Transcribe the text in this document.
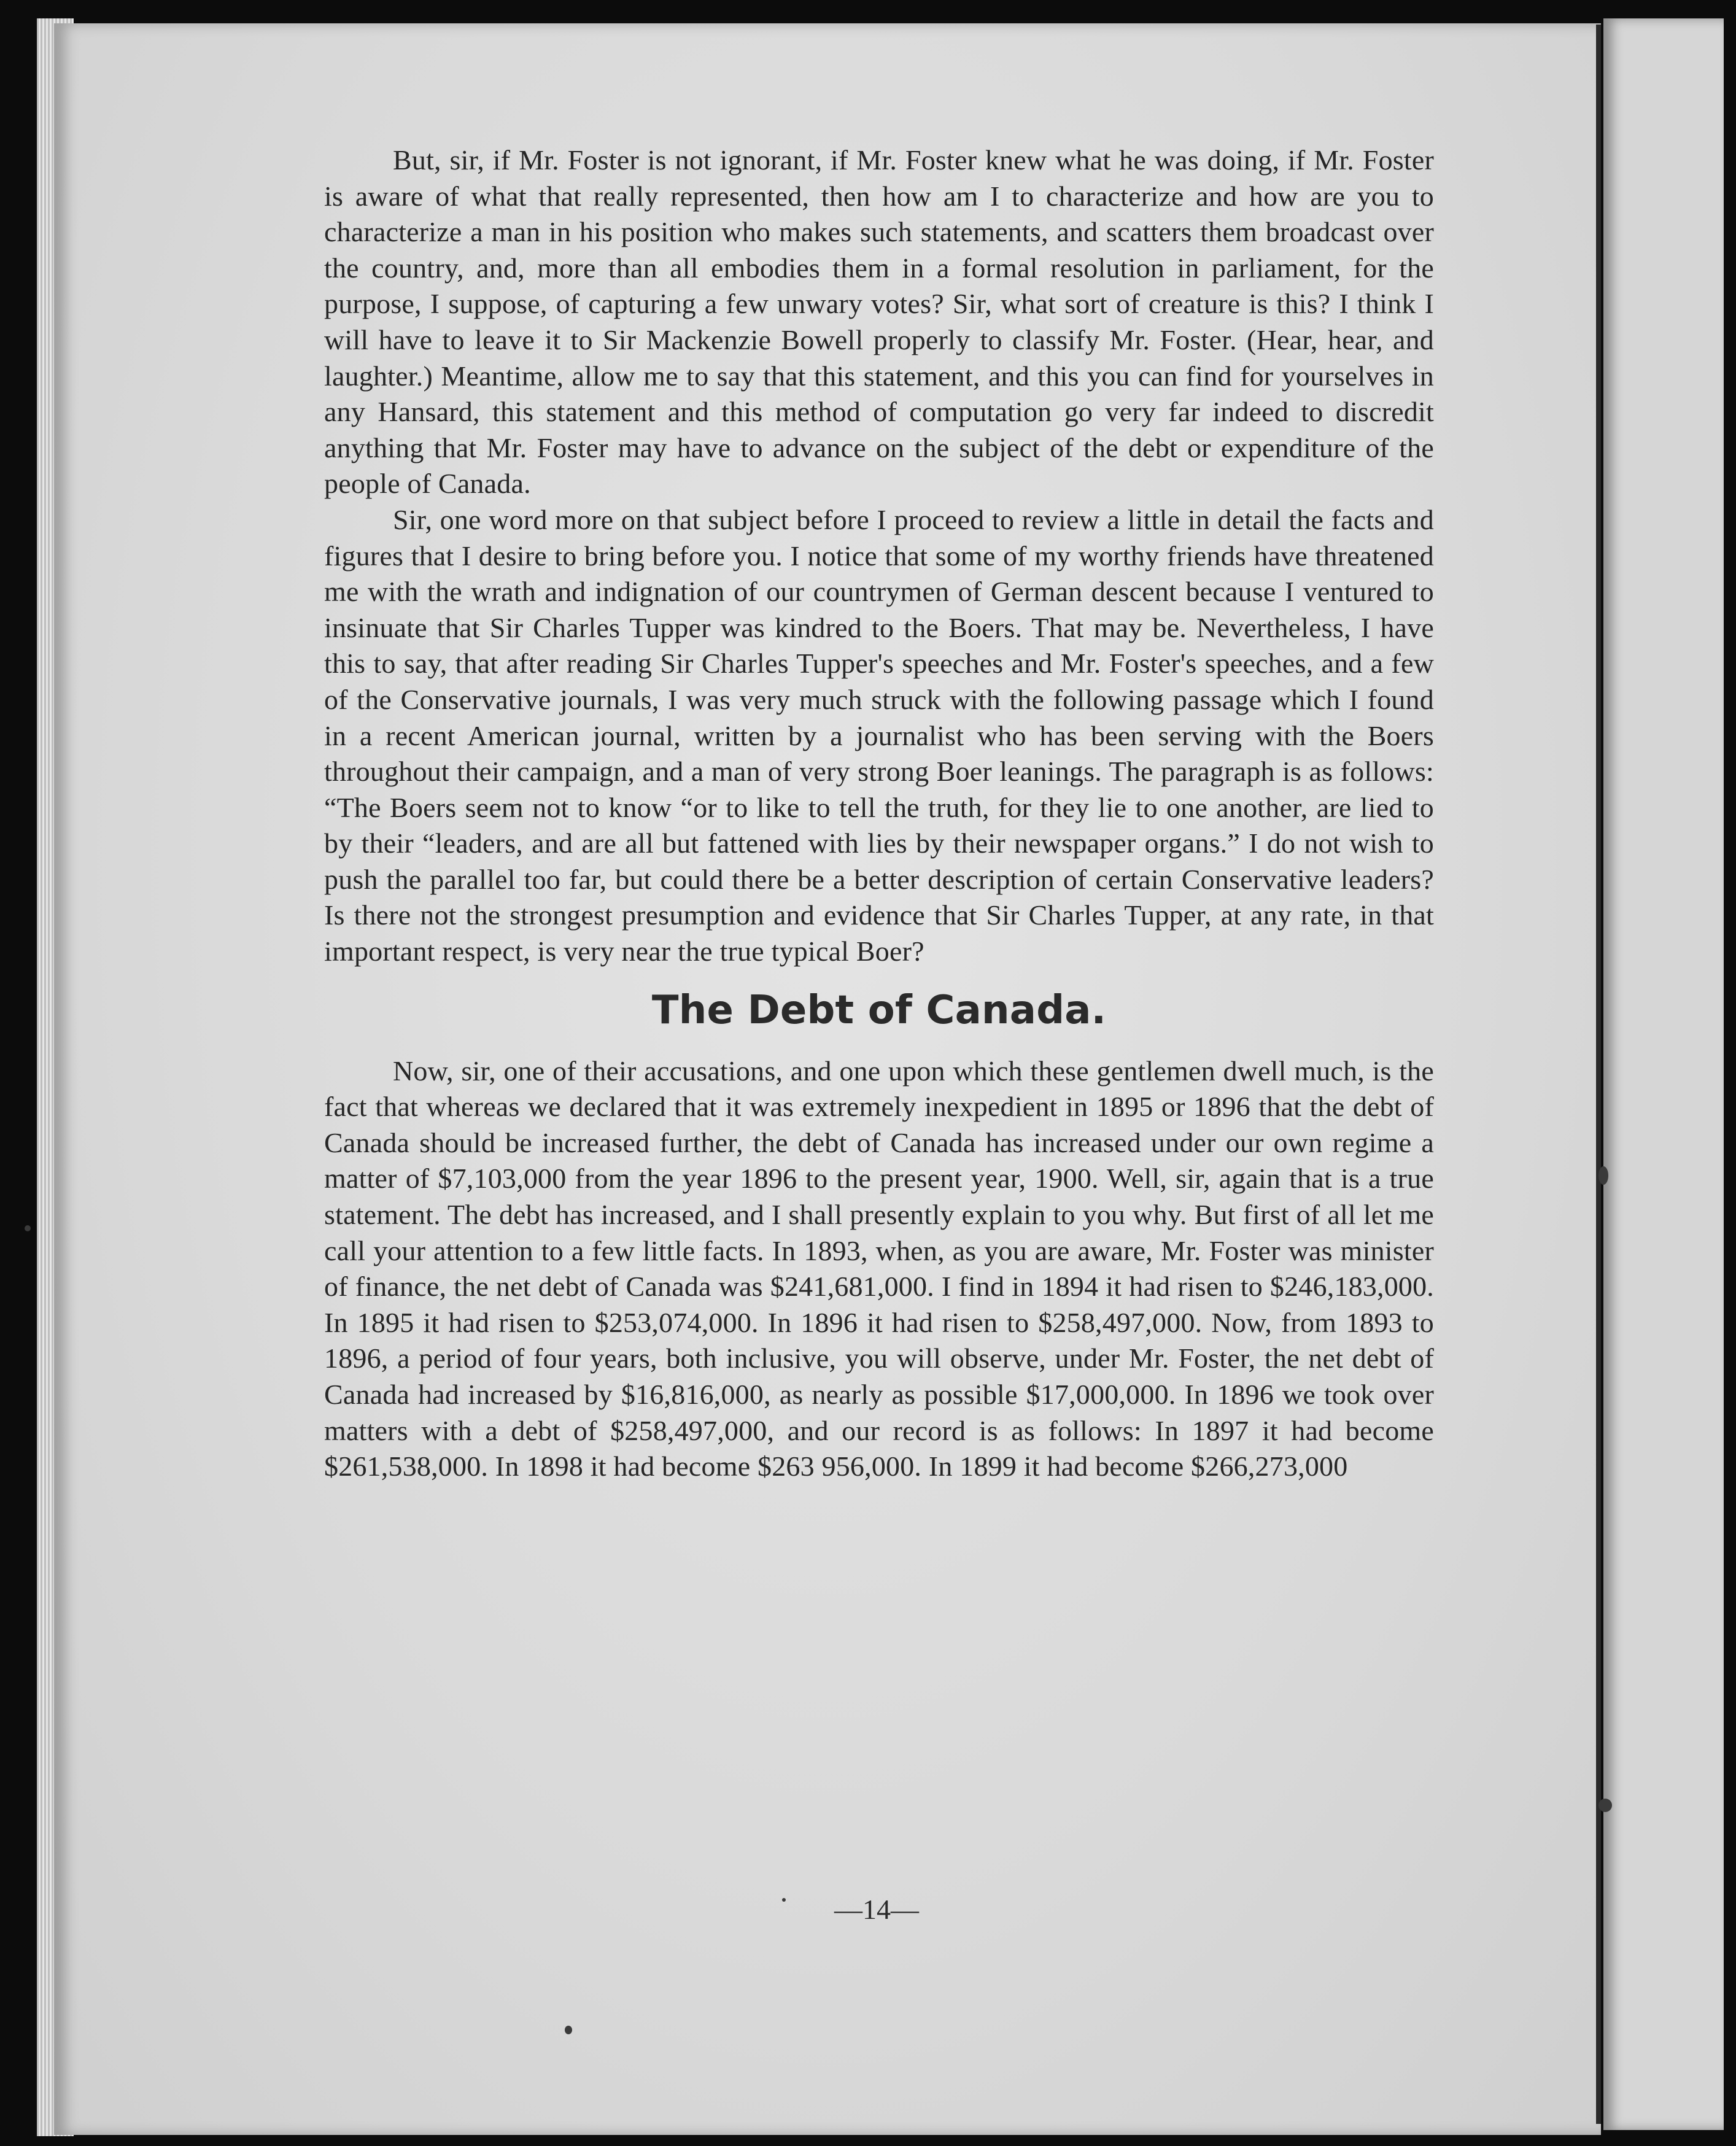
But, sir, if Mr. Foster is not ignorant, if Mr. Foster knew what he was doing, if Mr. Foster is aware of what that really represented, then how am I to characterize and how are you to characterize a man in his position who makes such statements, and scatters them broadcast over the country, and, more than all embodies them in a formal resolution in parliament, for the purpose, I suppose, of capturing a few unwary votes? Sir, what sort of creature is this? I think I will have to leave it to Sir Mackenzie Bowell properly to classify Mr. Foster. (Hear, hear, and laughter.) Meantime, allow me to say that this statement, and this you can find for yourselves in any Hansard, this statement and this method of computation go very far indeed to discredit anything that Mr. Foster may have to advance on the subject of the debt or expenditure of the people of Canada.

Sir, one word more on that subject before I proceed to review a little in detail the facts and figures that I desire to bring before you. I notice that some of my worthy friends have threatened me with the wrath and indignation of our countrymen of German descent because I ventured to insinuate that Sir Charles Tupper was kindred to the Boers. That may be. Nevertheless, I have this to say, that after reading Sir Charles Tupper's speeches and Mr. Foster's speeches, and a few of the Conservative journals, I was very much struck with the following passage which I found in a recent American journal, written by a journalist who has been serving with the Boers throughout their campaign, and a man of very strong Boer leanings. The paragraph is as follows: “The Boers seem not to know “or to like to tell the truth, for they lie to one another, are lied to by their “leaders, and are all but fattened with lies by their newspaper organs.” I do not wish to push the parallel too far, but could there be a better description of certain Conservative leaders? Is there not the strongest presumption and evidence that Sir Charles Tupper, at any rate, in that important respect, is very near the true typical Boer?

The Debt of Canada.

Now, sir, one of their accusations, and one upon which these gentlemen dwell much, is the fact that whereas we declared that it was extremely inexpedient in 1895 or 1896 that the debt of Canada should be increased further, the debt of Canada has increased under our own regime a matter of $7,103,000 from the year 1896 to the present year, 1900. Well, sir, again that is a true statement. The debt has increased, and I shall presently explain to you why. But first of all let me call your attention to a few little facts. In 1893, when, as you are aware, Mr. Foster was minister of finance, the net debt of Canada was $241,681,000. I find in 1894 it had risen to $246,183,000. In 1895 it had risen to $253,074,000. In 1896 it had risen to $258,497,000. Now, from 1893 to 1896, a period of four years, both inclusive, you will observe, under Mr. Foster, the net debt of Canada had increased by $16,816,000, as nearly as possible $17,000,000. In 1896 we took over matters with a debt of $258,497,000, and our record is as follows: In 1897 it had become $261,538,000. In 1898 it had become $263 956,000. In 1899 it had become $266,273,000

—14—
